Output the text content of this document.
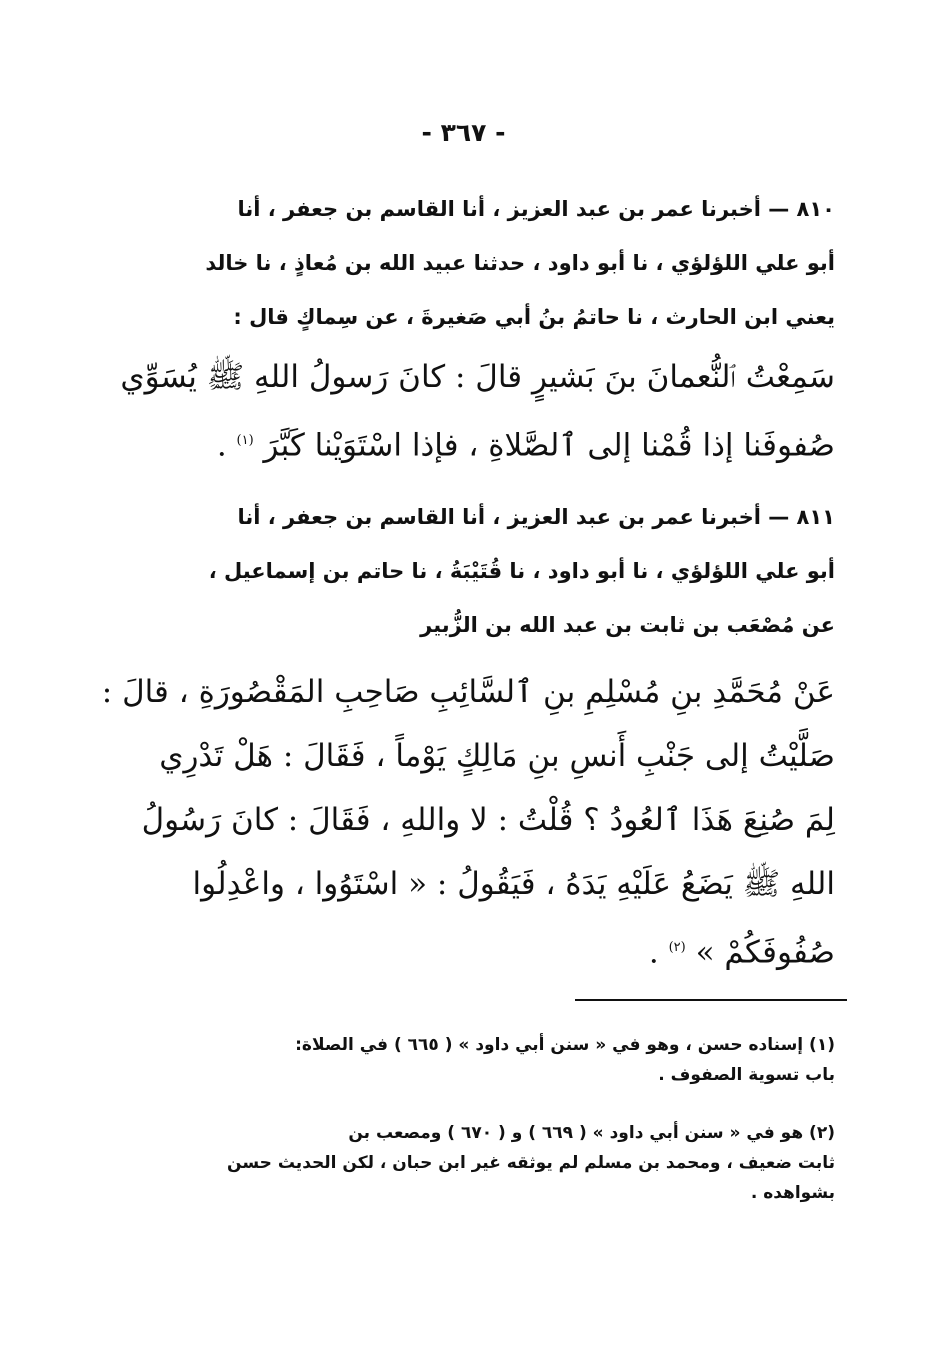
- ٣٦٧ -
٨١٠ — أخبرنا عمر بن عبد العزيز ، أنا القاسم بن جعفر ، أنا
أبو علي اللؤلؤي ، نا أبو داود ، حدثنا عبيد الله بن مُعاذٍ ، نا خالد
يعني ابن الحارث ، نا حاتمُ بنُ أبي صَغيرةَ ، عن سِماكٍ قال :
سَمِعْتُ ٱلنُّعمانَ بنَ بَشيرٍ قالَ : كانَ رَسولُ اللهِ ﷺ يُسَوِّي
صُفوفَنا إذا قُمْنا إلى ٱلصَّلاةِ ، فإذا اسْتَوَيْنا كَبَّرَ $^{(١)}$ .
٨١١ — أخبرنا عمر بن عبد العزيز ، أنا القاسم بن جعفر ، أنا
أبو علي اللؤلؤي ، نا أبو داود ، نا قُتَيْبَةُ ، نا حاتم بن إسماعيل ،
عن مُصْعَب بن ثابت بن عبد الله بن الزُّبير
عَنْ مُحَمَّدِ بنِ مُسْلِمِ بنِ ٱلسَّائِبِ صَاحِبِ المَقْصُورَةِ ، قالَ :
صَلَّيْتُ إلى جَنْبِ أَنسِ بنِ مَالِكٍ يَوْماً ، فَقَالَ : هَلْ تَدْرِي
لِمَ صُنِعَ هَذَا ٱلعُودُ ؟ قُلْتُ : لا واللهِ ، فَقَالَ : كانَ رَسُولُ
اللهِ ﷺ يَضَعُ عَلَيْهِ يَدَهُ ، فَيَقُولُ : « اسْتَوُوا ، واعْدِلُوا
صُفُوفَكُمْ » $^{(٢)}$ .
(١) إسناده حسن ، وهو في « سنن أبي داود » ( ٦٦٥ ) في الصلاة:
باب تسوية الصفوف .
(٢) هو في « سنن أبي داود » ( ٦٦٩ ) و ( ٦٧٠ ) ومصعب بن
ثابت ضعيف ، ومحمد بن مسلم لم يوثقه غير ابن حبان ، لكن الحديث حسن
بشواهده .
